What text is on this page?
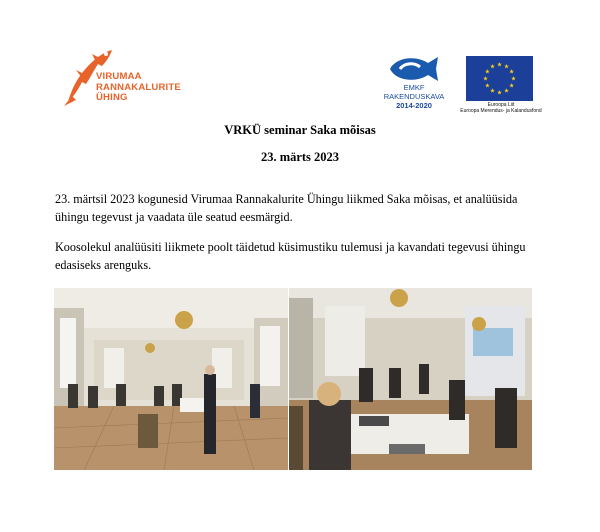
VIRUMAA
RANNAKALURITE
ÜHING
EMKF
RAKENDUSKAVA
2014-2020	Euroopa Liit
Euroopa Merendus- ja Kalandusfond
VRKÜ seminar Saka mõisas
23. märts 2023
23. märtsil 2023 kogunesid Virumaa Rannakalurite Ühingu liikmed Saka mõisas, et analüüsida ühingu tegevust ja vaadata üle seatud eesmärgid.
Koosolekul analüüsiti liikmete poolt täidetud küsimustiku tulemusi ja kavandati tegevusi ühingu edasiseks arenguks.
